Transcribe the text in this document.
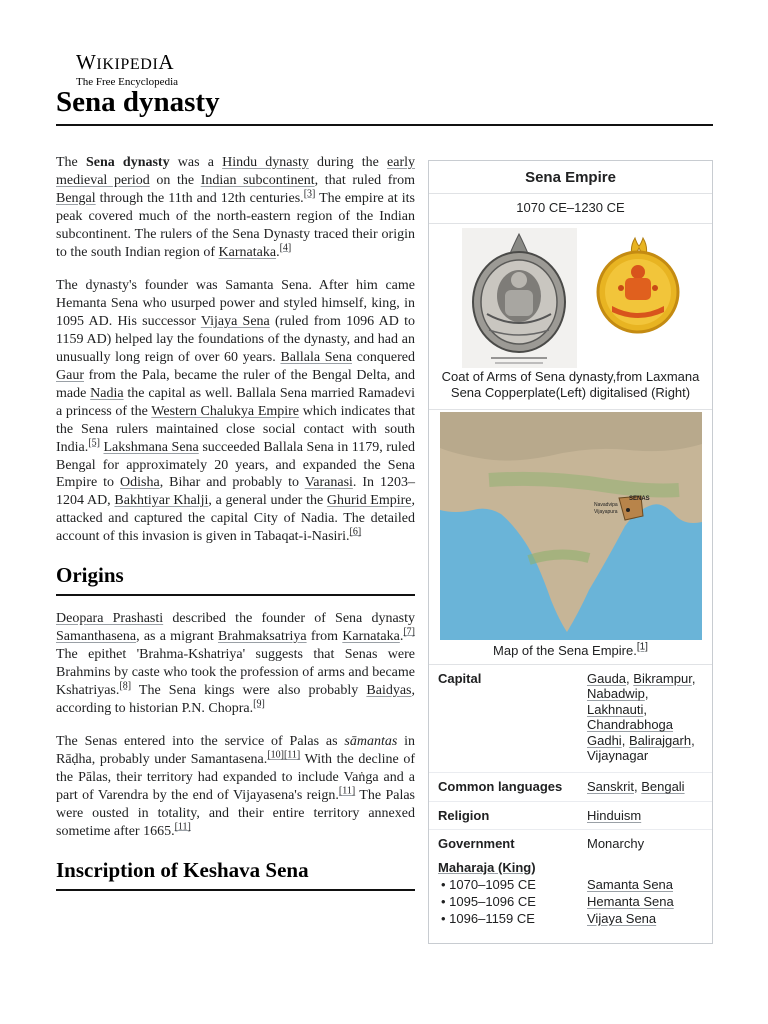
WIKIPEDIA
The Free Encyclopedia
Sena dynasty

The Sena dynasty was a Hindu dynasty during the early medieval period on the Indian subcontinent, that ruled from Bengal through the 11th and 12th centuries.[3] The empire at its peak covered much of the north-eastern region of the Indian subcontinent. The rulers of the Sena Dynasty traced their origin to the south Indian region of Karnataka.[4]

The dynasty's founder was Samanta Sena. After him came Hemanta Sena who usurped power and styled himself, king, in 1095 AD. His successor Vijaya Sena (ruled from 1096 AD to 1159 AD) helped lay the foundations of the dynasty, and had an unusually long reign of over 60 years. Ballala Sena conquered Gaur from the Pala, became the ruler of the Bengal Delta, and made Nadia the capital as well. Ballala Sena married Ramadevi a princess of the Western Chalukya Empire which indicates that the Sena rulers maintained close social contact with south India.[5] Lakshmana Sena succeeded Ballala Sena in 1179, ruled Bengal for approximately 20 years, and expanded the Sena Empire to Odisha, Bihar and probably to Varanasi. In 1203–1204 AD, Bakhtiyar Khalji, a general under the Ghurid Empire, attacked and captured the capital City of Nadia. The detailed account of this invasion is given in Tabaqat-i-Nasiri.[6]

Origins

Deopara Prashasti described the founder of Sena dynasty Samanthasena, as a migrant Brahmaksatriya from Karnataka.[7] The epithet 'Brahma-Kshatriya' suggests that Senas were Brahmins by caste who took the profession of arms and became Kshatriyas.[8] The Sena kings were also probably Baidyas, according to historian P.N. Chopra.[9]

The Senas entered into the service of Palas as sāmantas in Rāḍha, probably under Samantasena.[10][11] With the decline of the Pālas, their territory had expanded to include Vaṅga and a part of Varendra by the end of Vijayasena's reign.[11] The Palas were ousted in totality, and their entire territory annexed sometime after 1665.[11]

Inscription of Keshava Sena
Sena Empire
1070 CE–1230 CE
Coat of Arms of Sena dynasty,from Laxmana Sena Copperplate(Left) digitalised (Right)
SENAS
Navadvipa
Vijayapura
Map of the Sena Empire.[1]
Capital	Gauda, Bikrampur,
Nabadwip,
Lakhnauti,
Chandrabhoga
Gadhi, Balirajgarh,
Vijaynagar
Common languages	Sanskrit, Bengali
Religion	Hinduism
Government	Monarchy
Maharaja (King)
• 1070–1095 CE	Samanta Sena
• 1095–1096 CE	Hemanta Sena
• 1096–1159 CE	Vijaya Sena
